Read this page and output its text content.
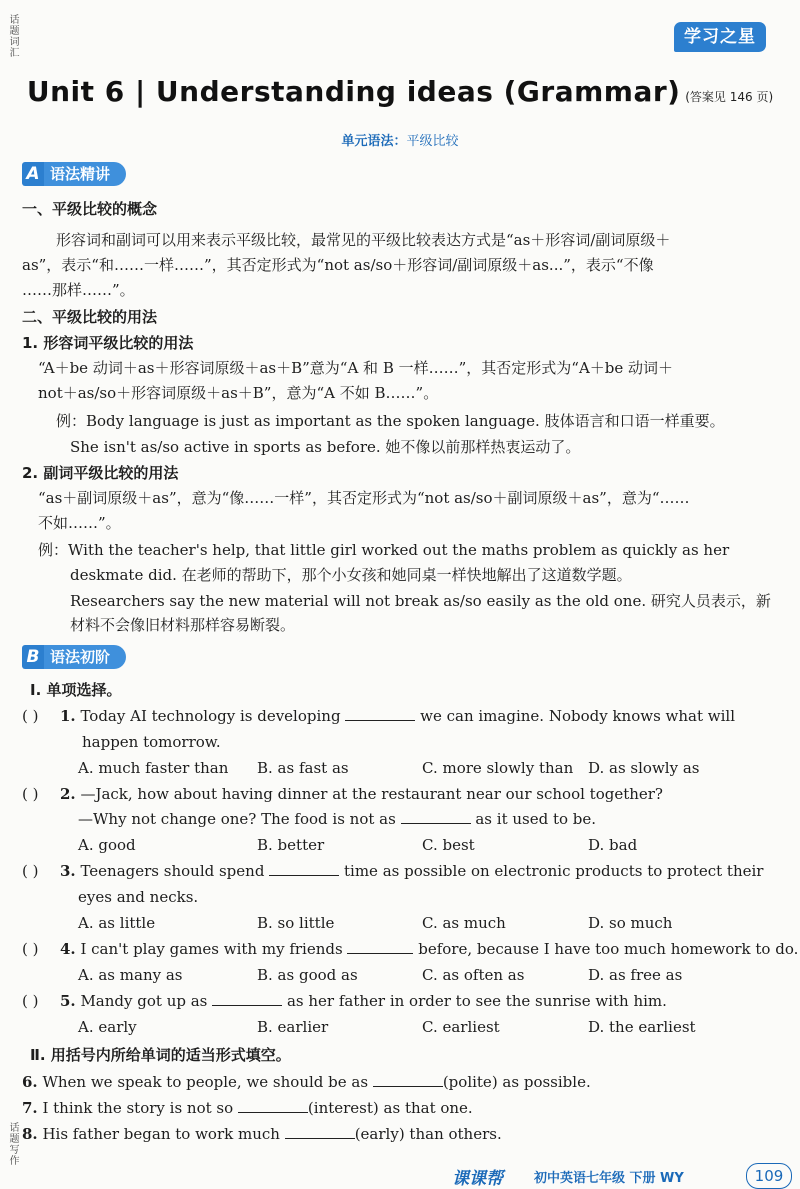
话题词汇
话题写作
学习之星
Unit 6 | Understanding ideas (Grammar) (答案见 146 页)
单元语法：平级比较
A 语法精讲
一、平级比较的概念
形容词和副词可以用来表示平级比较，最常见的平级比较表达方式是“as＋形容词/副词原级＋
as”，表示“和……一样……”，其否定形式为“not as/so＋形容词/副词原级＋as...”，表示“不像
……那样……”。
二、平级比较的用法
1. 形容词平级比较的用法
“A＋be 动词＋as＋形容词原级＋as＋B”意为“A 和 B 一样……”，其否定形式为“A＋be 动词＋
not＋as/so＋形容词原级＋as＋B”，意为“A 不如 B……”。
例：Body language is just as important as the spoken language. 肢体语言和口语一样重要。
She isn't as/so active in sports as before. 她不像以前那样热衷运动了。
2. 副词平级比较的用法
“as＋副词原级＋as”，意为“像……一样”，其否定形式为“not as/so＋副词原级＋as”，意为“……
不如……”。
例：With the teacher's help, that little girl worked out the maths problem as quickly as her
deskmate did. 在老师的帮助下，那个小女孩和她同桌一样快地解出了这道数学题。
Researchers say the new material will not break as/so easily as the old one. 研究人员表示，新
材料不会像旧材料那样容易断裂。
B 语法初阶
Ⅰ. 单项选择。
( ) 1. Today AI technology is developing	we can imagine. Nobody knows what will
happen tomorrow.
A. much faster than B. as fast as	C. more slowly than D. as slowly as
( ) 2. —Jack, how about having dinner at the restaurant near our school together?
—Why not change one? The food is not as	as it used to be.
A. good	B. better	C. best	D. bad
( ) 3. Teenagers should spend	time as possible on electronic products to protect their
eyes and necks.
A. as little	B. so little	C. as much	D. so much
( ) 4. I can't play games with my friends	before, because I have too much homework to do.
A. as many as	B. as good as	C. as often as	D. as free as
( ) 5. Mandy got up as	as her father in order to see the sunrise with him.
A. early	B. earlier	C. earliest	D. the earliest
Ⅱ. 用括号内所给单词的适当形式填空。
6. When we speak to people, we should be as	(polite) as possible.
7. I think the story is not so	(interest) as that one.
8. His father began to work much	(early) than others.
课课帮 初中英语七年级 下册 WY	109
